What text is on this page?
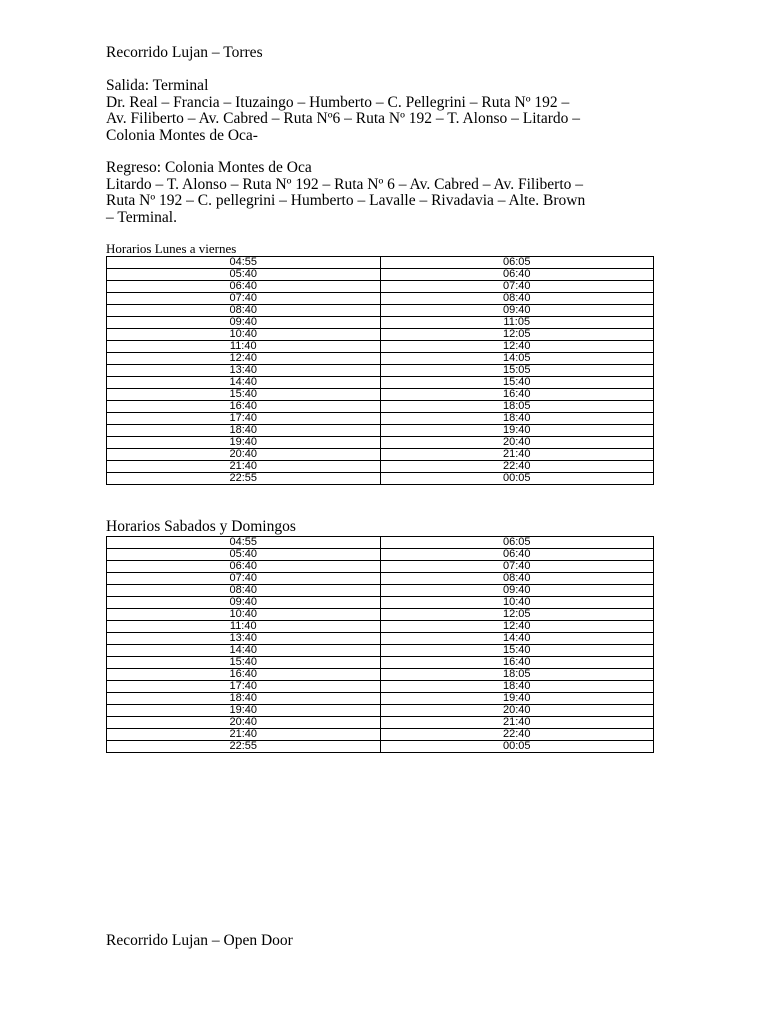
Recorrido Lujan – Torres
Salida: Terminal
Dr. Real – Francia – Ituzaingo – Humberto – C. Pellegrini – Ruta Nº 192 –
Av. Filiberto – Av. Cabred – Ruta Nº6 – Ruta Nº 192 – T. Alonso – Litardo –
Colonia Montes de Oca-
Regreso: Colonia Montes de Oca
Litardo – T. Alonso – Ruta Nº 192 – Ruta Nº 6 – Av. Cabred – Av. Filiberto –
Ruta Nº 192 – C. pellegrini – Humberto – Lavalle – Rivadavia – Alte. Brown
– Terminal.
Horarios Lunes a viernes
04:55	06:05
05:40	06:40
06:40	07:40
07:40	08:40
08:40	09:40
09:40	11:05
10:40	12:05
11:40	12:40
12:40	14:05
13:40	15:05
14:40	15:40
15:40	16:40
16:40	18:05
17:40	18:40
18:40	19:40
19:40	20:40
20:40	21:40
21:40	22:40
22:55	00:05
Horarios Sabados y Domingos
04:55	06:05
05:40	06:40
06:40	07:40
07:40	08:40
08:40	09:40
09:40	10:40
10:40	12:05
11:40	12:40
13:40	14:40
14:40	15:40
15:40	16:40
16:40	18:05
17:40	18:40
18:40	19:40
19:40	20:40
20:40	21:40
21:40	22:40
22:55	00:05
Recorrido Lujan – Open Door
